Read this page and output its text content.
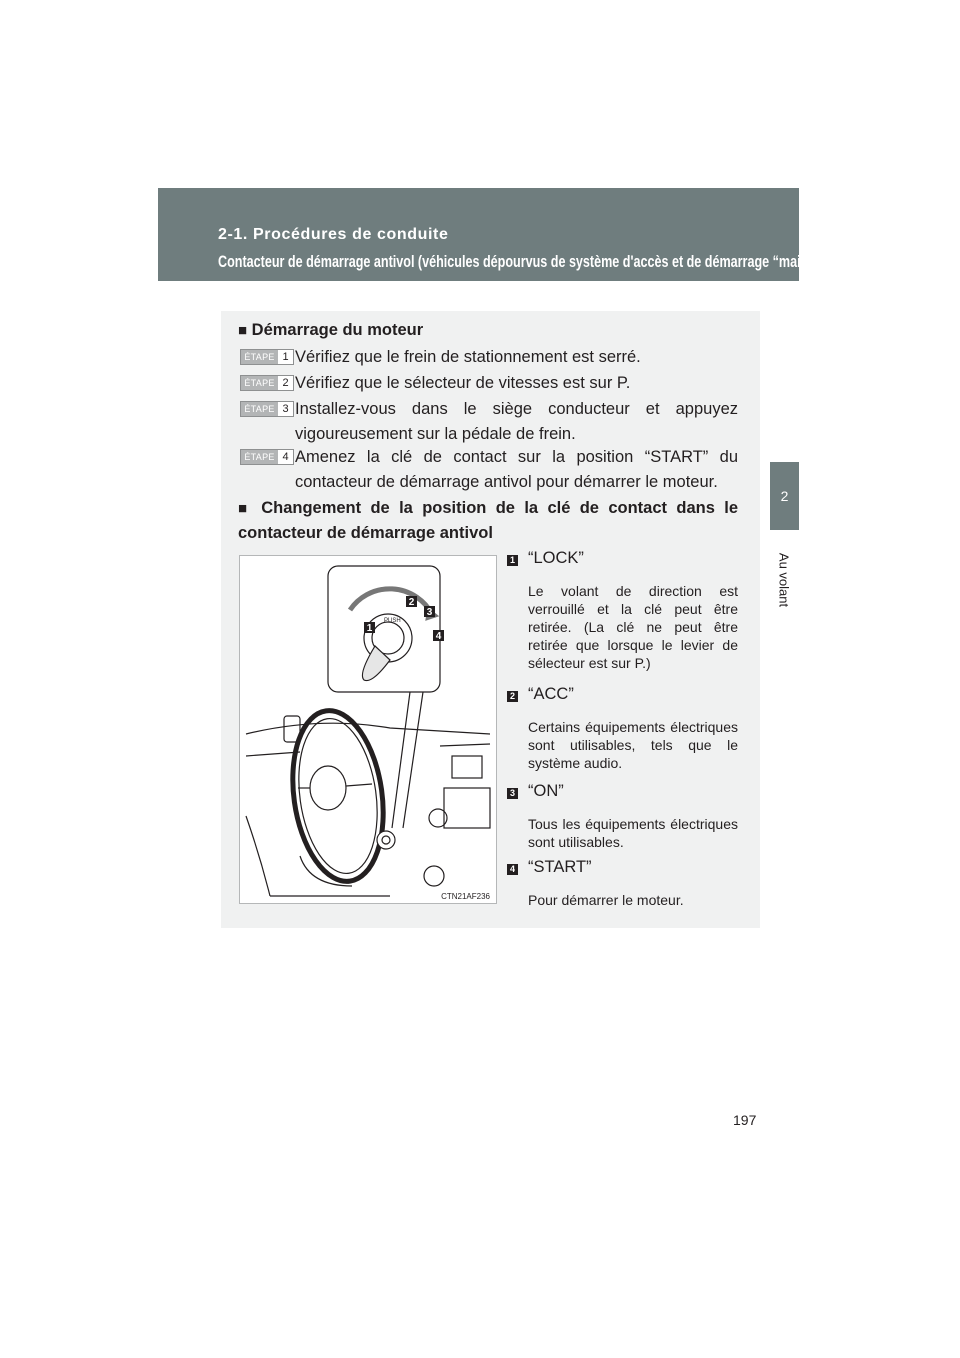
2-1. Procédures de conduite
Contacteur de démarrage antivol (véhicules dépourvus de système d'accès et de démarrage “mains libres”)
2
Au volant
■ Démarrage du moteur
ÉTAPE 1 Vérifiez que le frein de stationnement est serré.
ÉTAPE 2 Vérifiez que le sélecteur de vitesses est sur P.
ÉTAPE 3 Installez-vous dans le siège conducteur et appuyez vigoureusement sur la pédale de frein.
ÉTAPE 4 Amenez la clé de contact sur la position “START” du contacteur de démarrage antivol pour démarrer le moteur.
■ Changement de la position de la clé de contact dans le contacteur de démarrage antivol
1
2
3
4
PUSH
CTN21AF236
1 “LOCK”
Le volant de direction est verrouillé et la clé peut être retirée. (La clé ne peut être retirée que lorsque le levier de sélecteur est sur P.)
2 “ACC”
Certains équipements électriques sont utilisables, tels que le système audio.
3 “ON”
Tous les équipements électriques sont utilisables.
4 “START”
Pour démarrer le moteur.
197
